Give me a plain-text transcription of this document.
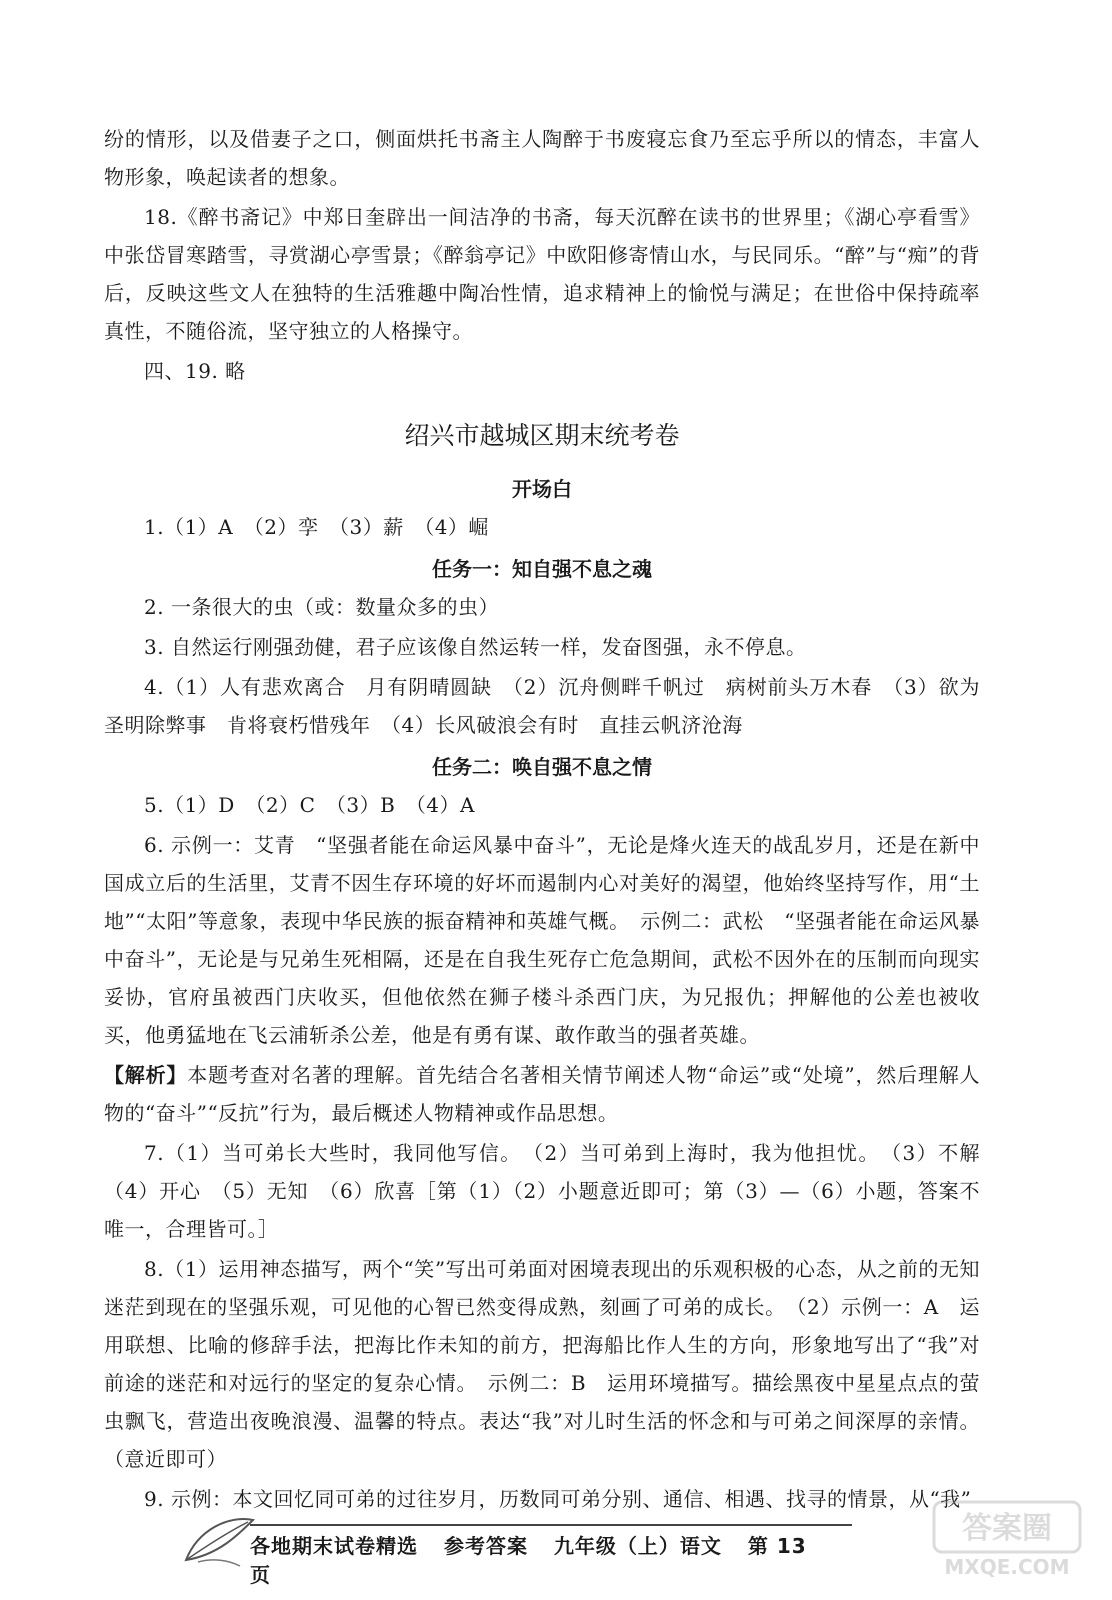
纷的情形，以及借妻子之口，侧面烘托书斋主人陶醉于书废寝忘食乃至忘乎所以的情态，丰富人物形象，唤起读者的想象。

18.《醉书斋记》中郑日奎辟出一间洁净的书斋，每天沉醉在读书的世界里；《湖心亭看雪》中张岱冒寒踏雪，寻赏湖心亭雪景；《醉翁亭记》中欧阳修寄情山水，与民同乐。“醉”与“痴”的背后，反映这些文人在独特的生活雅趣中陶冶性情，追求精神上的愉悦与满足；在世俗中保持疏率真性，不随俗流，坚守独立的人格操守。

四、19. 略

绍兴市越城区期末统考卷
开场白

1.（1）A　（2）孪　（3）薪　（4）崛

任务一：知自强不息之魂

2. 一条很大的虫（或：数量众多的虫）

3. 自然运行刚强劲健，君子应该像自然运转一样，发奋图强，永不停息。

4.（1）人有悲欢离合　月有阴晴圆缺　（2）沉舟侧畔千帆过　病树前头万木春　（3）欲为圣明除弊事　肯将衰朽惜残年　（4）长风破浪会有时　直挂云帆济沧海

任务二：唤自强不息之情

5.（1）D　（2）C　（3）B　（4）A

6. 示例一：艾青　“坚强者能在命运风暴中奋斗”，无论是烽火连天的战乱岁月，还是在新中国成立后的生活里，艾青不因生存环境的好坏而遏制内心对美好的渴望，他始终坚持写作，用“土地”“太阳”等意象，表现中华民族的振奋精神和英雄气概。　示例二：武松　“坚强者能在命运风暴中奋斗”，无论是与兄弟生死相隔，还是在自我生死存亡危急期间，武松不因外在的压制而向现实妥协，官府虽被西门庆收买，但他依然在狮子楼斗杀西门庆，为兄报仇；押解他的公差也被收买，他勇猛地在飞云浦斩杀公差，他是有勇有谋、敢作敢当的强者英雄。

【解析】本题考查对名著的理解。首先结合名著相关情节阐述人物“命运”或“处境”，然后理解人物的“奋斗”“反抗”行为，最后概述人物精神或作品思想。

7.（1）当可弟长大些时，我同他写信。　（2）当可弟到上海时，我为他担忧。　（3）不解　（4）开心　（5）无知　（6）欣喜［第（1）（2）小题意近即可；第（3）—（6）小题，答案不唯一，合理皆可。］

8.（1）运用神态描写，两个“笑”写出可弟面对困境表现出的乐观积极的心态，从之前的无知迷茫到现在的坚强乐观，可见他的心智已然变得成熟，刻画了可弟的成长。　（2）示例一：A　运用联想、比喻的修辞手法，把海比作未知的前方，把海船比作人生的方向，形象地写出了“我”对前途的迷茫和对远行的坚定的复杂心情。　示例二：B　运用环境描写。描绘黑夜中星星点点的萤虫飘飞，营造出夜晚浪漫、温馨的特点。表达“我”对儿时生活的怀念和与可弟之间深厚的亲情。（意近即可）

9. 示例：本文回忆同可弟的过往岁月，历数同可弟分别、通信、相遇、找寻的情景，从“我”

各地期末试卷精选 参考答案 九年级（上）语文 第 13 页
答案圈
MXQE.COM
